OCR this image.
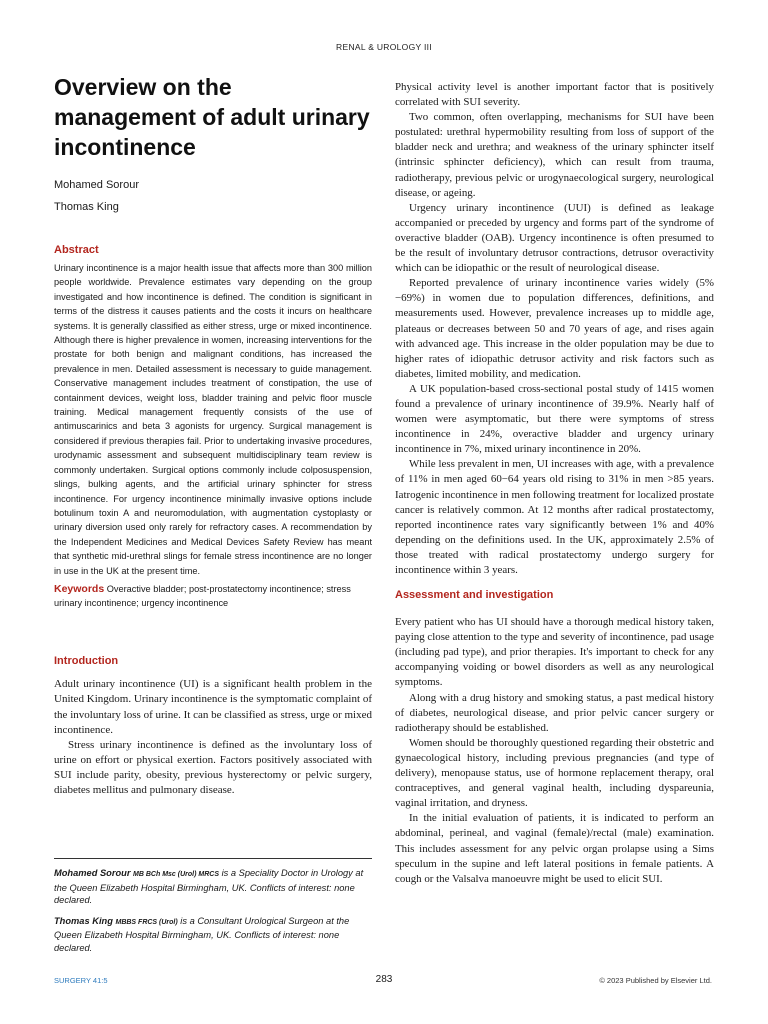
RENAL & UROLOGY III
Overview on the management of adult urinary incontinence

Mohamed Sorour

Thomas King

Abstract

Urinary incontinence is a major health issue that affects more than 300 million people worldwide. Prevalence estimates vary depending on the group investigated and how incontinence is defined. The condition is significant in terms of the distress it causes patients and the costs it incurs on healthcare systems. It is generally classified as either stress, urge or mixed incontinence. Although there is higher prevalence in women, increasing interventions for the prostate for both benign and malignant conditions, has increased the prevalence in men. Detailed assessment is necessary to guide management. Conservative management includes treatment of constipation, the use of containment devices, weight loss, bladder training and pelvic floor muscle training. Medical management frequently consists of the use of antimuscarinics and beta 3 agonists for urgency. Surgical management is considered if previous therapies fail. Prior to undertaking invasive procedures, urodynamic assessment and subsequent multidisciplinary team review is commonly undertaken. Surgical options commonly include colposuspension, slings, bulking agents, and the artificial urinary sphincter for stress incontinence. For urgency incontinence minimally invasive options include botulinum toxin A and neuromodulation, with augmentation cystoplasty or urinary diversion used only rarely for refractory cases. A recommendation by the Independent Medicines and Medical Devices Safety Review has meant that synthetic mid-urethral slings for female stress incontinence are no longer in use in the UK at the present time.

Keywords Overactive bladder; post-prostatectomy incontinence; stress urinary incontinence; urgency incontinence

Introduction

Adult urinary incontinence (UI) is a significant health problem in the United Kingdom. Urinary incontinence is the symptomatic complaint of the involuntary loss of urine. It can be classified as stress, urge or mixed incontinence.

Stress urinary incontinence is defined as the involuntary loss of urine on effort or physical exertion. Factors positively associated with SUI include parity, obesity, previous hysterectomy or pelvic surgery, diabetes mellitus and pulmonary disease.

Mohamed Sorour MB BCh Msc (Urol) MRCS is a Speciality Doctor in Urology at the Queen Elizabeth Hospital Birmingham, UK. Conflicts of interest: none declared.

Thomas King MBBS FRCS (Urol) is a Consultant Urological Surgeon at the Queen Elizabeth Hospital Birmingham, UK. Conflicts of interest: none declared.

Physical activity level is another important factor that is positively correlated with SUI severity.

Two common, often overlapping, mechanisms for SUI have been postulated: urethral hypermobility resulting from loss of support of the bladder neck and urethra; and weakness of the urinary sphincter itself (intrinsic sphincter deficiency), which can result from trauma, radiotherapy, previous pelvic or urogynaecological surgery, neurological disease, or ageing.

Urgency urinary incontinence (UUI) is defined as leakage accompanied or preceded by urgency and forms part of the syndrome of overactive bladder (OAB). Urgency incontinence is often presumed to be the result of involuntary detrusor contractions, detrusor overactivity which can be idiopathic or the result of neurological disease.

Reported prevalence of urinary incontinence varies widely (5%−69%) in women due to population differences, definitions, and measurements used. However, prevalence increases up to middle age, plateaus or decreases between 50 and 70 years of age, and rises again with advanced age. This increase in the older population may be due to higher rates of idiopathic detrusor activity and risk factors such as diabetes, limited mobility, and medication.

A UK population-based cross-sectional postal study of 1415 women found a prevalence of urinary incontinence of 39.9%. Nearly half of women were asymptomatic, but there were symptoms of stress incontinence in 24%, overactive bladder and urgency urinary incontinence in 7%, mixed urinary incontinence in 20%.

While less prevalent in men, UI increases with age, with a prevalence of 11% in men aged 60−64 years old rising to 31% in men >85 years. Iatrogenic incontinence in men following treatment for localized prostate cancer is relatively common. At 12 months after radical prostatectomy, reported incontinence rates vary significantly between 1% and 40% depending on the definitions used. In the UK, approximately 2.5% of those treated with radical prostatectomy undergo surgery for incontinence within 3 years.

Assessment and investigation

Every patient who has UI should have a thorough medical history taken, paying close attention to the type and severity of incontinence, pad usage (including pad type), and prior therapies. It's important to check for any accompanying voiding or bowel disorders as well as any neurological symptoms.

Along with a drug history and smoking status, a past medical history of diabetes, neurological disease, and prior pelvic cancer surgery or radiotherapy should be established.

Women should be thoroughly questioned regarding their obstetric and gynaecological history, including previous pregnancies (and type of delivery), menopause status, use of hormone replacement therapy, oral contraceptives, and general vaginal health, including dyspareunia, vaginal irritation, and dryness.

In the initial evaluation of patients, it is indicated to perform an abdominal, perineal, and vaginal (female)/rectal (male) examination. This includes assessment for any pelvic organ prolapse using a Sims speculum in the supine and left lateral positions in female patients. A cough or the Valsalva manoeuvre might be used to elicit SUI.

SURGERY 41:5	283	© 2023 Published by Elsevier Ltd.
